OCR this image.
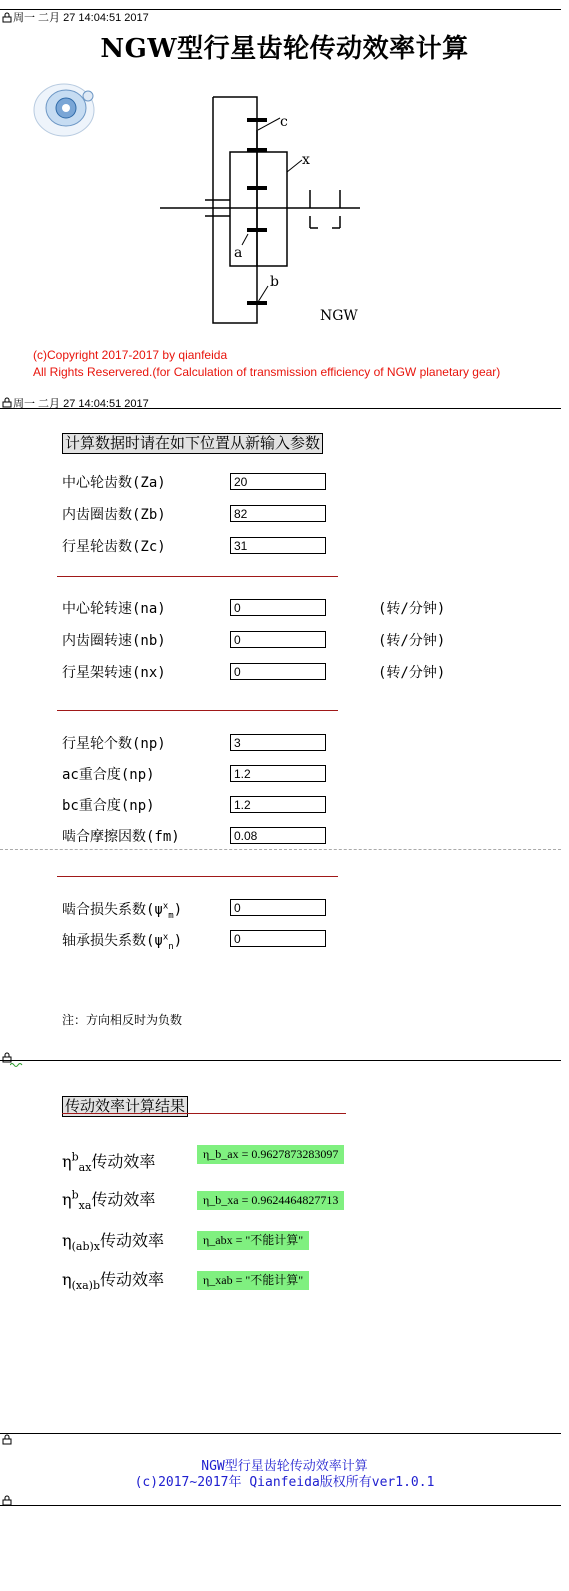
周一 二月 27 14:04:51 2017
NGW型行星齿轮传动效率计算
c
x
a
b
NGW
(c)Copyright 2017-2017 by qianfeida
All Rights Reservered.(for Calculation of transmission efficiency of NGW planetary gear)
周一 二月 27 14:04:51 2017
计算数据时请在如下位置从新输入参数
中心轮齿数(Za)	20
内齿圈齿数(Zb)	82
行星轮齿数(Zc)	31
中心轮转速(na)	0	(转/分钟)
内齿圈转速(nb)	0	(转/分钟)
行星架转速(nx)	0	(转/分钟)
行星轮个数(np)	3
ac重合度(np)	1.2
bc重合度(np)	1.2
啮合摩擦因数(fm)	0.08
啮合损失系数$(\psi^x_m)$	0
轴承损失系数$(\psi^x_n)$	0
注：方向相反时为负数
传动效率计算结果
$\eta^b_{ax}$传动效率	η_b_ax = 0.9627873283097
$\eta^b_{xa}$传动效率	η_b_xa = 0.9624464827713
$\eta_{(ab)x}$传动效率	η_abx = "不能计算"
$\eta_{(xa)b}$传动效率	η_xab = "不能计算"
NGW型行星齿轮传动效率计算
(c)2017~2017年 Qianfeida版权所有ver1.0.1
